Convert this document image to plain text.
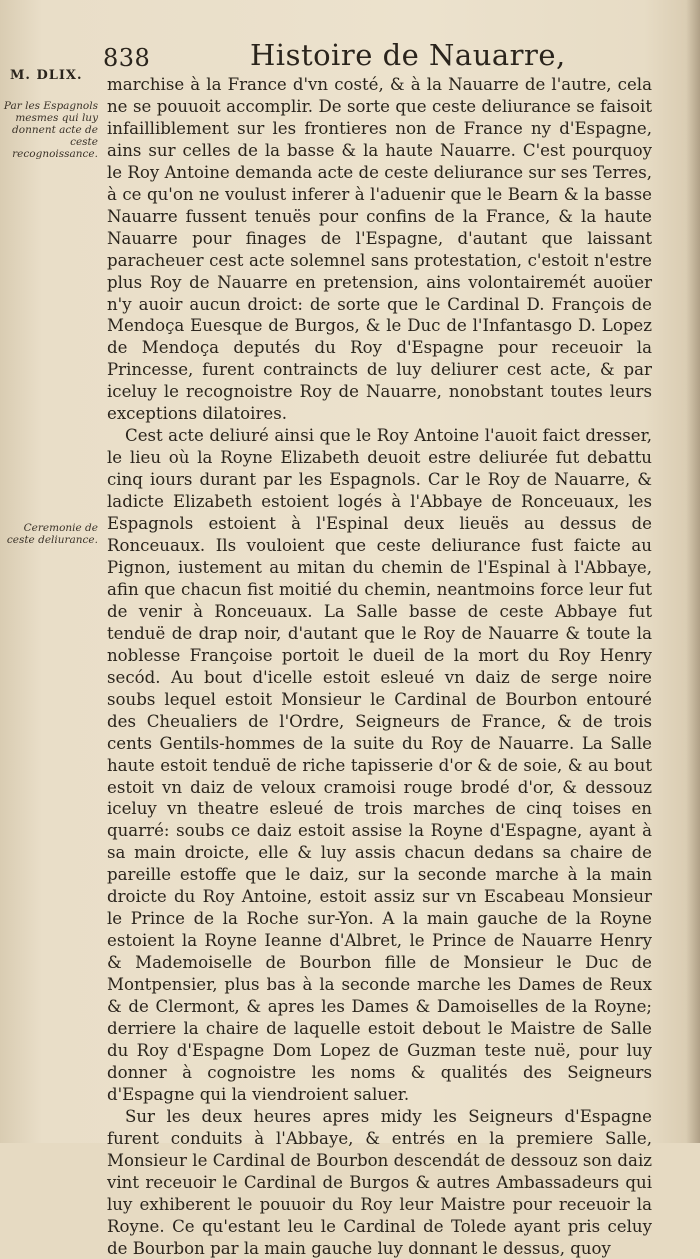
838	Histoire de Nauarre,
M. DLIX.
Par les Espagnols mesmes qui luy donnent acte de ceste recognoissance.
Ceremonie de ceste deliurance.

marchise à la France d'vn costé, & à la Nauarre de l'autre, cela ne se pouuoit accomplir. De sorte que ceste deliurance se faisoit infailliblement sur les frontieres non de France ny d'Espagne, ains sur celles de la basse & la haute Nauarre. C'est pourquoy le Roy Antoine demanda acte de ceste deliurance sur ses Terres, à ce qu'on ne voulust inferer à l'aduenir que le Bearn & la basse Nauarre fussent tenuës pour confins de la France, & la haute Nauarre pour finages de l'Espagne, d'autant que laissant paracheuer cest acte solemnel sans protestation, c'estoit n'estre plus Roy de Nauarre en pretension, ains volontairemét auoüer n'y auoir aucun droict: de sorte que le Cardinal D. François de Mendoça Euesque de Burgos, & le Duc de l'Infantasgo D. Lopez de Mendoça deputés du Roy d'Espagne pour receuoir la Princesse, furent contraincts de luy deliurer cest acte, & par iceluy le recognoistre Roy de Nauarre, nonobstant toutes leurs exceptions dilatoires.

Cest acte deliuré ainsi que le Roy Antoine l'auoit faict dresser, le lieu où la Royne Elizabeth deuoit estre deliurée fut debattu cinq iours durant par les Espagnols. Car le Roy de Nauarre, & ladicte Elizabeth estoient logés à l'Abbaye de Ronceuaux, les Espagnols estoient à l'Espinal deux lieuës au dessus de Ronceuaux. Ils vouloient que ceste deliurance fust faicte au Pignon, iustement au mitan du chemin de l'Espinal à l'Abbaye, afin que chacun fist moitié du chemin, neantmoins force leur fut de venir à Ronceuaux. La Salle basse de ceste Abbaye fut tenduë de drap noir, d'autant que le Roy de Nauarre & toute la noblesse Françoise portoit le dueil de la mort du Roy Henry secód. Au bout d'icelle estoit esleué vn daiz de serge noire soubs lequel estoit Monsieur le Cardinal de Bourbon entouré des Cheualiers de l'Ordre, Seigneurs de France, & de trois cents Gentils-hommes de la suite du Roy de Nauarre. La Salle haute estoit tenduë de riche tapisserie d'or & de soie, & au bout estoit vn daiz de veloux cramoisi rouge brodé d'or, & dessouz iceluy vn theatre esleué de trois marches de cinq toises en quarré: soubs ce daiz estoit assise la Royne d'Espagne, ayant à sa main droicte, elle & luy assis chacun dedans sa chaire de pareille estoffe que le daiz, sur la seconde marche à la main droicte du Roy Antoine, estoit assiz sur vn Escabeau Monsieur le Prince de la Roche sur-Yon. A la main gauche de la Royne estoient la Royne Ieanne d'Albret, le Prince de Nauarre Henry & Mademoiselle de Bourbon fille de Monsieur le Duc de Montpensier, plus bas à la seconde marche les Dames de Reux & de Clermont, & apres les Dames & Damoiselles de la Royne; derriere la chaire de laquelle estoit debout le Maistre de Salle du Roy d'Espagne Dom Lopez de Guzman teste nuë, pour luy donner à cognoistre les noms & qualités des Seigneurs d'Espagne qui la viendroient saluer.

Sur les deux heures apres midy les Seigneurs d'Espagne furent conduits à l'Abbaye, & entrés en la premiere Salle, Monsieur le Cardinal de Bourbon descendát de dessouz son daiz vint receuoir le Cardinal de Burgos & autres Ambassadeurs qui luy exhiberent le pouuoir du Roy leur Maistre pour receuoir la Royne. Ce qu'estant leu le Cardinal de Tolede ayant pris celuy de Bourbon par la main gauche luy donnant le dessus, quoy
